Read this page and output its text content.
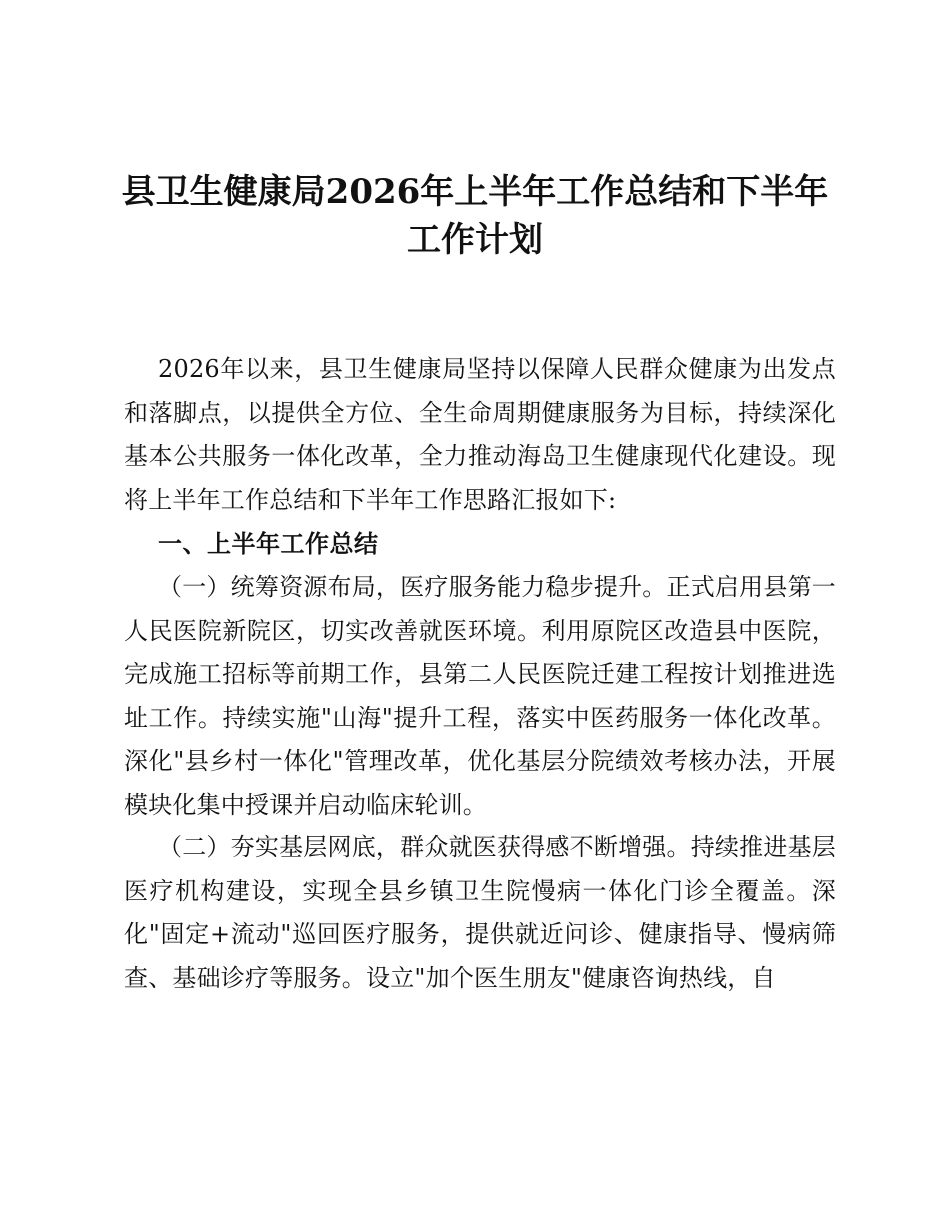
县卫生健康局2026年上半年工作总结和下半年
工作计划
2026年以来，县卫生健康局坚持以保障人民群众健康为出发点和落脚点，以提供全方位、全生命周期健康服务为目标，持续深化基本公共服务一体化改革，全力推动海岛卫生健康现代化建设。现将上半年工作总结和下半年工作思路汇报如下:
一、上半年工作总结
（一）统筹资源布局，医疗服务能力稳步提升。正式启用县第一人民医院新院区，切实改善就医环境。利用原院区改造县中医院，完成施工招标等前期工作，县第二人民医院迁建工程按计划推进选址工作。持续实施"山海"提升工程，落实中医药服务一体化改革。深化"县乡村一体化"管理改革，优化基层分院绩效考核办法，开展模块化集中授课并启动临床轮训。
（二）夯实基层网底，群众就医获得感不断增强。持续推进基层医疗机构建设，实现全县乡镇卫生院慢病一体化门诊全覆盖。深化"固定+流动"巡回医疗服务，提供就近问诊、健康指导、慢病筛查、基础诊疗等服务。设立"加个医生朋友"健康咨询热线，自
